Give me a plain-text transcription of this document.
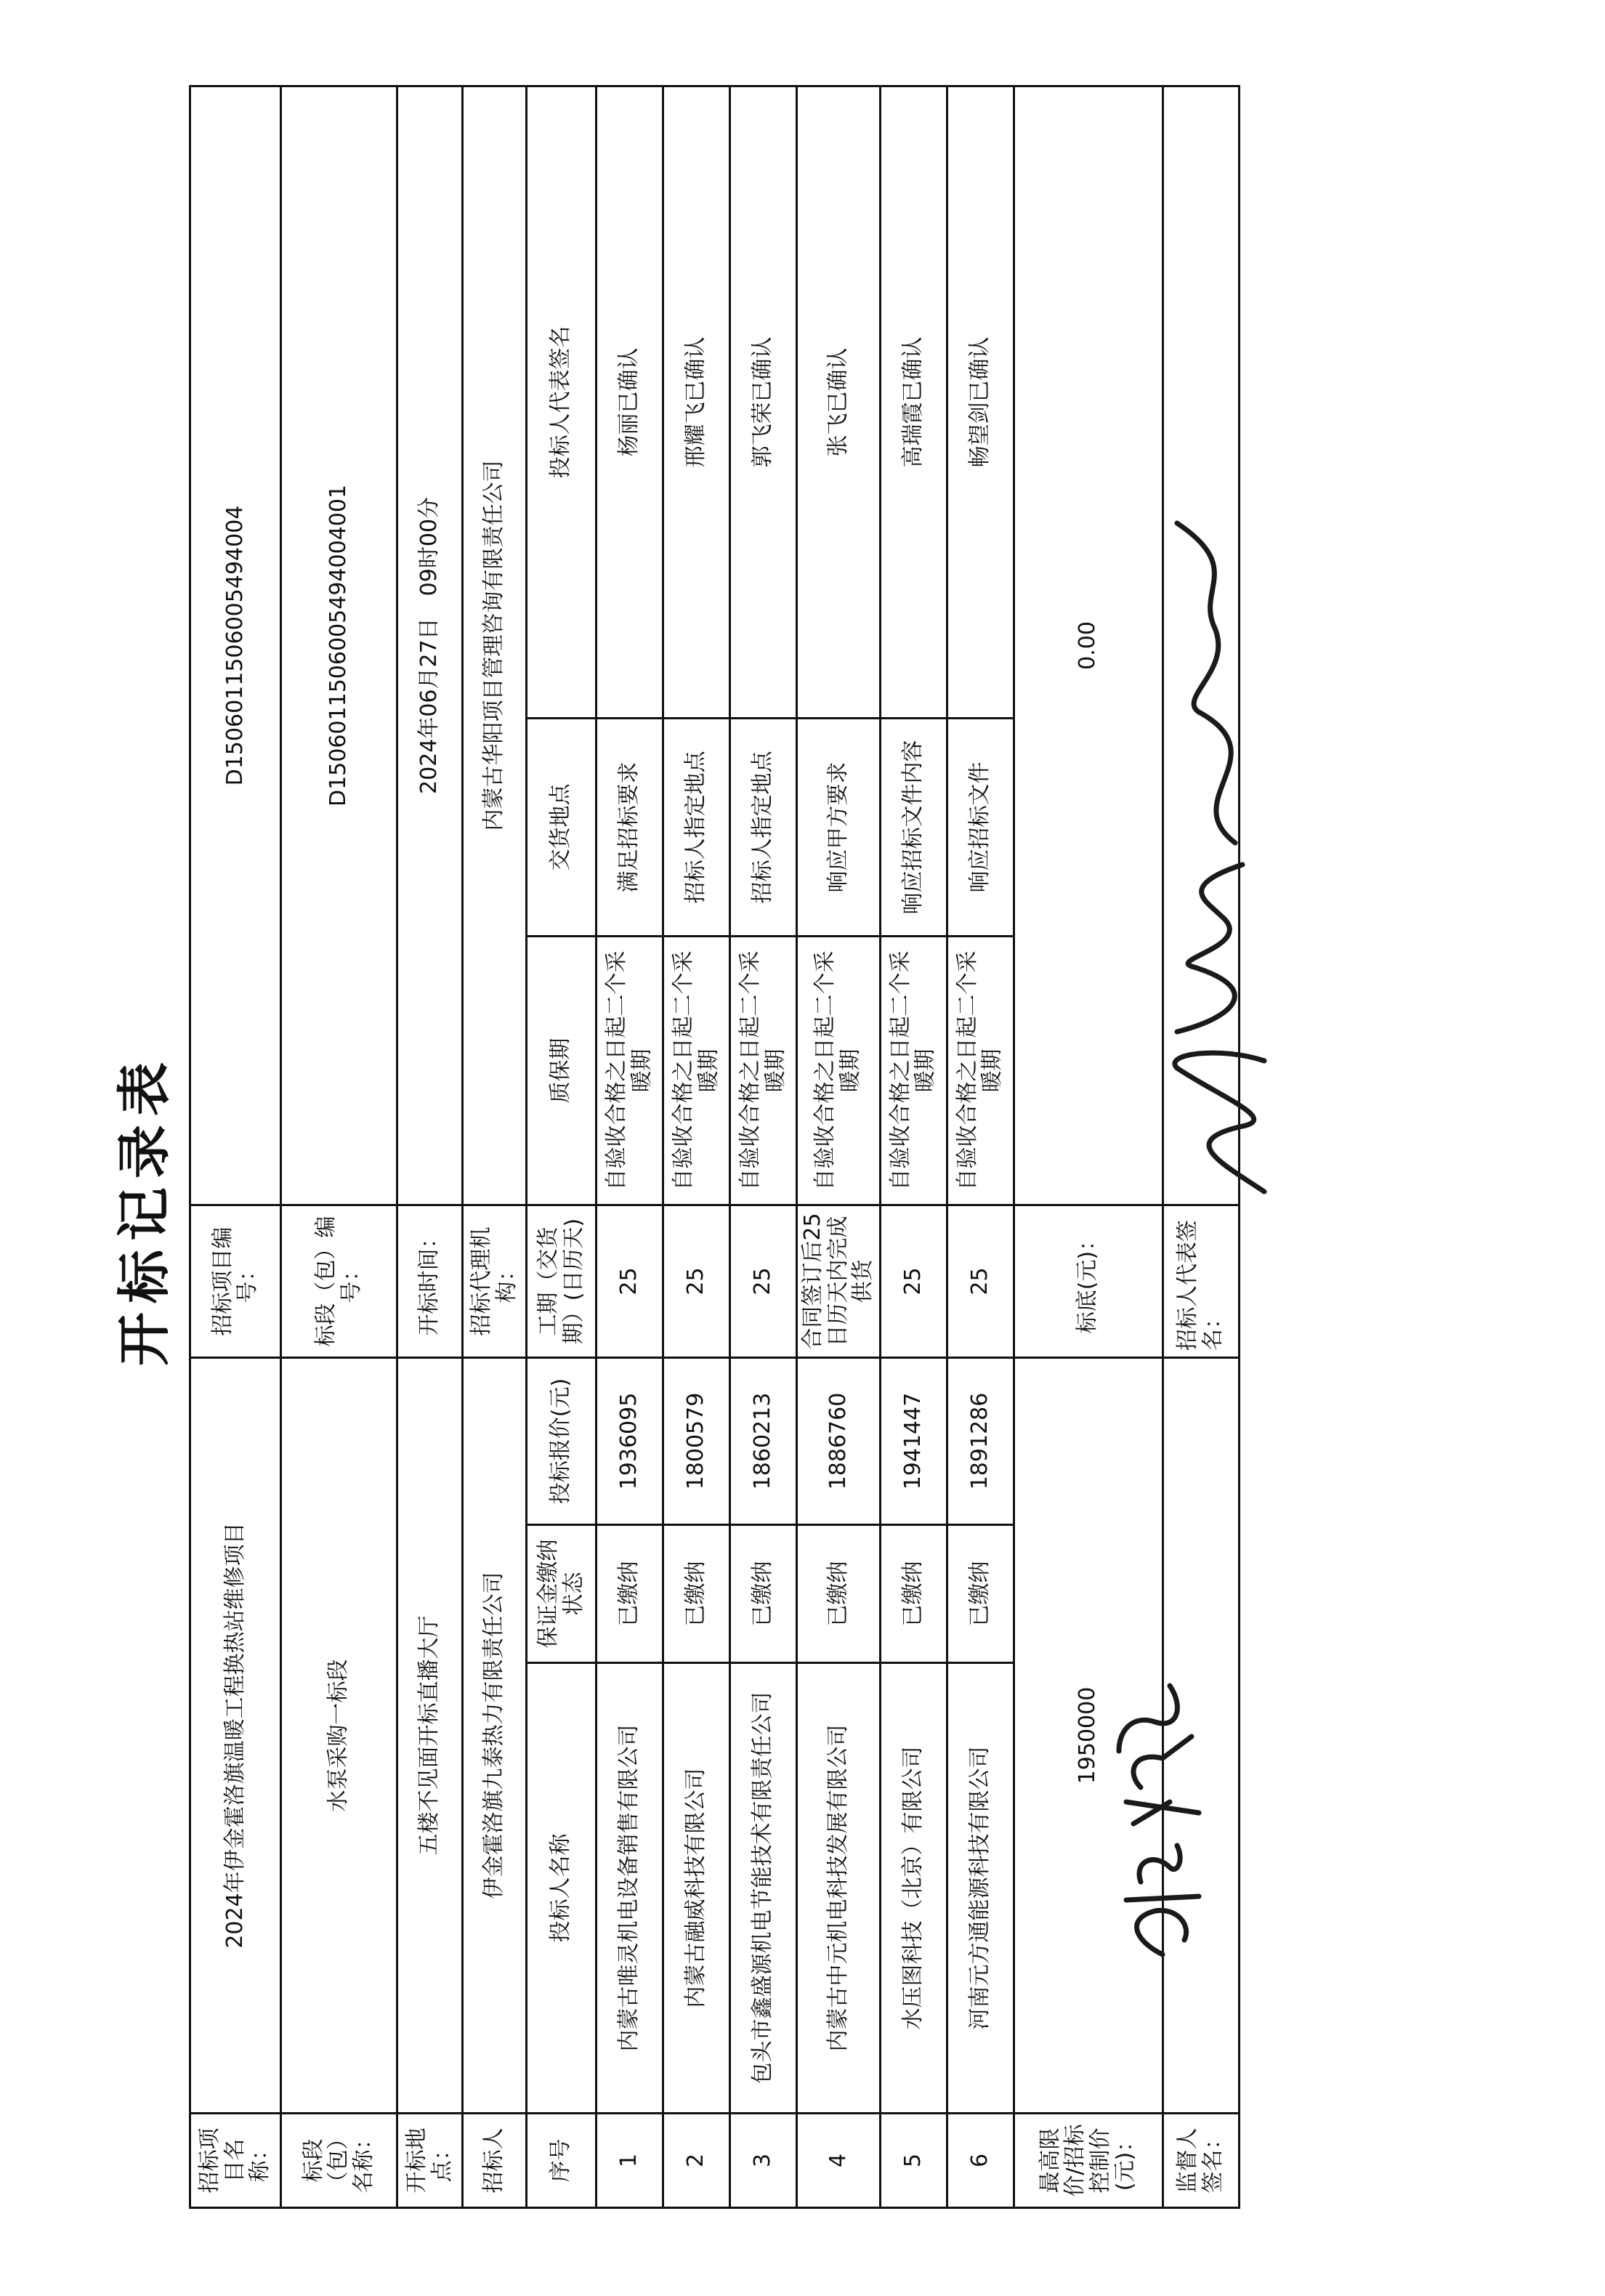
开标记录表
招标项目名称：	2024年伊金霍洛旗温暖工程换热站维修项目			招标项目编号：	D150601150600549400​4		
标段（包）名称：	水泵采购一标段			标段（包）编号：	D150601150600549400​4001		
开标地点：	五楼不见面开标直播大厅			开标时间：	2024年06月27日　09时00分		
招标人	伊金霍洛旗九泰热力有限责任公司			招标代理机构：	内蒙古华阳项目管理咨询有限责任公司		
序号	投标人名称	保证金缴纳状态	投标报价(元)	工期（交货期）(日历天)	质保期	交货地点	投标人代表签名
1	内蒙古唯灵机电设备销售有限公司	已缴纳	1936095	25	自验收合格之日起二个采暖期	满足招标要求	杨丽已确认
2	内蒙古融威科技有限公司	已缴纳	1800579	25	自验收合格之日起二个采暖期	招标人指定地点	邢耀飞已确认
3	包头市鑫盛源机电节能技术有限责任公司	已缴纳	1860213	25	自验收合格之日起二个采暖期	招标人指定地点	郭飞荣已确认
4	内蒙古中元机电科技发展有限公司	已缴纳	1886760	合同签订后25 日历天内完成供货	自验收合格之日起二个采暖期	响应甲方要求	张飞已确认
5	水压图科技（北京）有限公司	已缴纳	1941447	25	自验收合格之日起二个采暖期	响应招标文件内容	高瑞霞已确认
6	河南元方通能源科技有限公司	已缴纳	1891286	25	自验收合格之日起二个采暖期	响应招标文件	畅望剑已确认
最高限价/招标控制价(元)：	1950000			标底(元)：	0.00		
监督人签名：				招标人代表签名：			
